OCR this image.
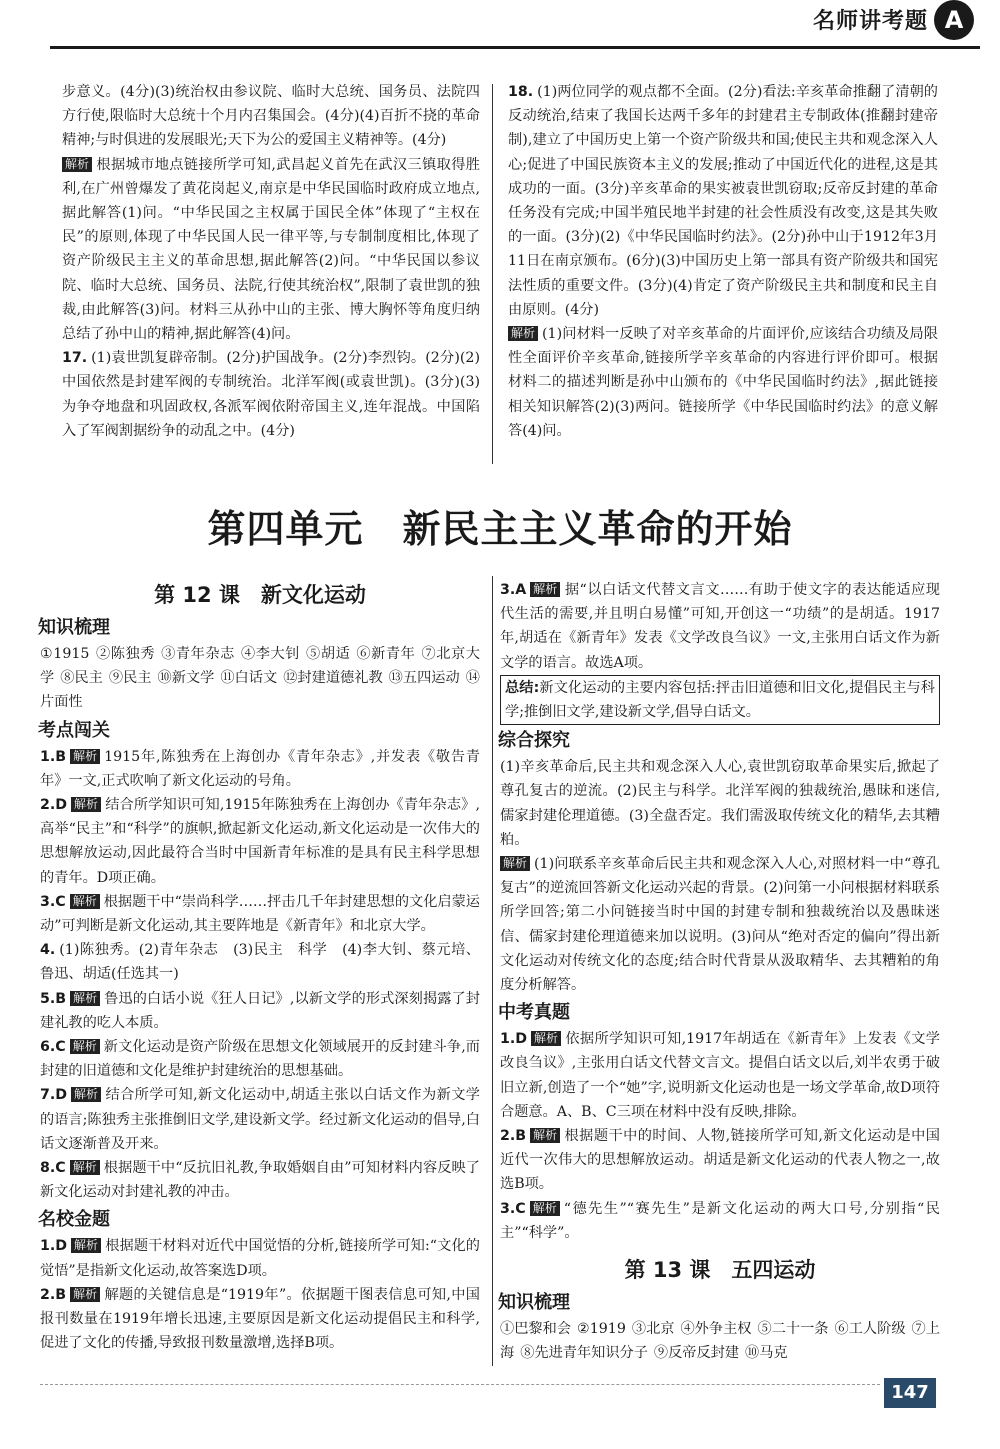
名师讲考题 A

步意义。(4分)(3)统治权由参议院、临时大总统、国务员、法院四方行使,限临时大总统十个月内召集国会。(4分)(4)百折不挠的革命精神;与时俱进的发展眼光;天下为公的爱国主义精神等。(4分)

解析 根据城市地点链接所学可知,武昌起义首先在武汉三镇取得胜利,在广州曾爆发了黄花岗起义,南京是中华民国临时政府成立地点,据此解答(1)问。“中华民国之主权属于国民全体”体现了“主权在民”的原则,体现了中华民国人民一律平等,与专制制度相比,体现了资产阶级民主主义的革命思想,据此解答(2)问。“中华民国以参议院、临时大总统、国务员、法院,行使其统治权”,限制了袁世凯的独裁,由此解答(3)问。材料三从孙中山的主张、博大胸怀等角度归纳总结了孙中山的精神,据此解答(4)问。

17. (1)袁世凯复辟帝制。(2分)护国战争。(2分)李烈钧。(2分)(2)中国依然是封建军阀的专制统治。北洋军阀(或袁世凯)。(3分)(3)为争夺地盘和巩固政权,各派军阀依附帝国主义,连年混战。中国陷入了军阀割据纷争的动乱之中。(4分)

18. (1)两位同学的观点都不全面。(2分)看法:辛亥革命推翻了清朝的反动统治,结束了我国长达两千多年的封建君主专制政体(推翻封建帝制),建立了中国历史上第一个资产阶级共和国;使民主共和观念深入人心;促进了中国民族资本主义的发展;推动了中国近代化的进程,这是其成功的一面。(3分)辛亥革命的果实被袁世凯窃取;反帝反封建的革命任务没有完成;中国半殖民地半封建的社会性质没有改变,这是其失败的一面。(3分)(2)《中华民国临时约法》。(2分)孙中山于1912年3月11日在南京颁布。(6分)(3)中国历史上第一部具有资产阶级共和国宪法性质的重要文件。(3分)(4)肯定了资产阶级民主共和制度和民主自由原则。(4分)

解析 (1)问材料一反映了对辛亥革命的片面评价,应该结合功绩及局限性全面评价辛亥革命,链接所学辛亥革命的内容进行评价即可。根据材料二的描述判断是孙中山颁布的《中华民国临时约法》,据此链接相关知识解答(2)(3)两问。链接所学《中华民国临时约法》的意义解答(4)问。

第四单元　新民主主义革命的开始
第 12 课　新文化运动
知识梳理

①1915 ②陈独秀 ③青年杂志 ④李大钊 ⑤胡适 ⑥新青年 ⑦北京大学 ⑧民主 ⑨民主 ⑩新文学 ⑪白话文 ⑫封建道德礼教 ⑬五四运动 ⑭片面性

考点闯关

1.B 解析 1915年,陈独秀在上海创办《青年杂志》,并发表《敬告青年》一文,正式吹响了新文化运动的号角。

2.D 解析 结合所学知识可知,1915年陈独秀在上海创办《青年杂志》,高举“民主”和“科学”的旗帜,掀起新文化运动,新文化运动是一次伟大的思想解放运动,因此最符合当时中国新青年标准的是具有民主科学思想的青年。D项正确。

3.C 解析 根据题干中“崇尚科学……抨击几千年封建思想的文化启蒙运动”可判断是新文化运动,其主要阵地是《新青年》和北京大学。

4. (1)陈独秀。(2)青年杂志　(3)民主　科学　(4)李大钊、蔡元培、鲁迅、胡适(任选其一)

5.B 解析 鲁迅的白话小说《狂人日记》,以新文学的形式深刻揭露了封建礼教的吃人本质。

6.C 解析 新文化运动是资产阶级在思想文化领域展开的反封建斗争,而封建的旧道德和文化是维护封建统治的思想基础。

7.D 解析 结合所学可知,新文化运动中,胡适主张以白话文作为新文学的语言;陈独秀主张推倒旧文学,建设新文学。经过新文化运动的倡导,白话文逐渐普及开来。

8.C 解析 根据题干中“反抗旧礼教,争取婚姻自由”可知材料内容反映了新文化运动对封建礼教的冲击。

名校金题

1.D 解析 根据题干材料对近代中国觉悟的分析,链接所学可知:“文化的觉悟”是指新文化运动,故答案选D项。

2.B 解析 解题的关键信息是“1919年”。依据题干图表信息可知,中国报刊数量在1919年增长迅速,主要原因是新文化运动提倡民主和科学,促进了文化的传播,导致报刊数量激增,选择B项。

3.A 解析 据“以白话文代替文言文……有助于使文字的表达能适应现代生活的需要,并且明白易懂”可知,开创这一“功绩”的是胡适。1917年,胡适在《新青年》发表《文学改良刍议》一文,主张用白话文作为新文学的语言。故选A项。

总结:新文化运动的主要内容包括:抨击旧道德和旧文化,提倡民主与科学;推倒旧文学,建设新文学,倡导白话文。

综合探究

(1)辛亥革命后,民主共和观念深入人心,袁世凯窃取革命果实后,掀起了尊孔复古的逆流。(2)民主与科学。北洋军阀的独裁统治,愚昧和迷信,儒家封建伦理道德。(3)全盘否定。我们需汲取传统文化的精华,去其糟粕。

解析 (1)问联系辛亥革命后民主共和观念深入人心,对照材料一中“尊孔复古”的逆流回答新文化运动兴起的背景。(2)问第一小问根据材料联系所学回答;第二小问链接当时中国的封建专制和独裁统治以及愚昧迷信、儒家封建伦理道德来加以说明。(3)问从“绝对否定的偏向”得出新文化运动对传统文化的态度;结合时代背景从汲取精华、去其糟粕的角度分析解答。

中考真题

1.D 解析 依据所学知识可知,1917年胡适在《新青年》上发表《文学改良刍议》,主张用白话文代替文言文。提倡白话文以后,刘半农勇于破旧立新,创造了一个“她”字,说明新文化运动也是一场文学革命,故D项符合题意。A、B、C三项在材料中没有反映,排除。

2.B 解析 根据题干中的时间、人物,链接所学可知,新文化运动是中国近代一次伟大的思想解放运动。胡适是新文化运动的代表人物之一,故选B项。

3.C 解析 “德先生”“赛先生”是新文化运动的两大口号,分别指“民主”“科学”。

第 13 课　五四运动
知识梳理

①巴黎和会 ②1919 ③北京 ④外争主权 ⑤二十一条 ⑥工人阶级 ⑦上海 ⑧先进青年知识分子 ⑨反帝反封建 ⑩马克

147
